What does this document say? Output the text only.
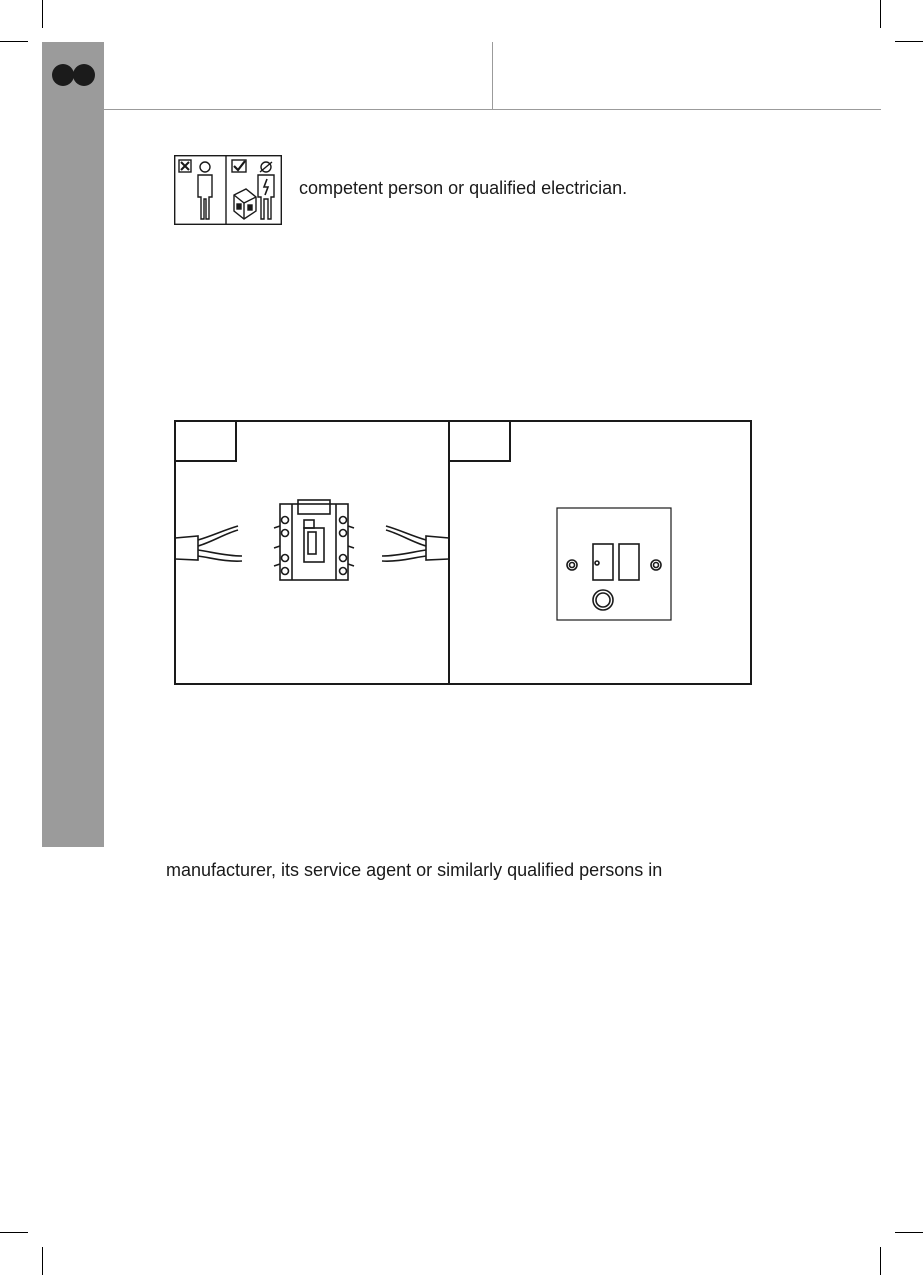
competent person or qualified electrician.
manufacturer, its service agent or similarly qualified persons in
